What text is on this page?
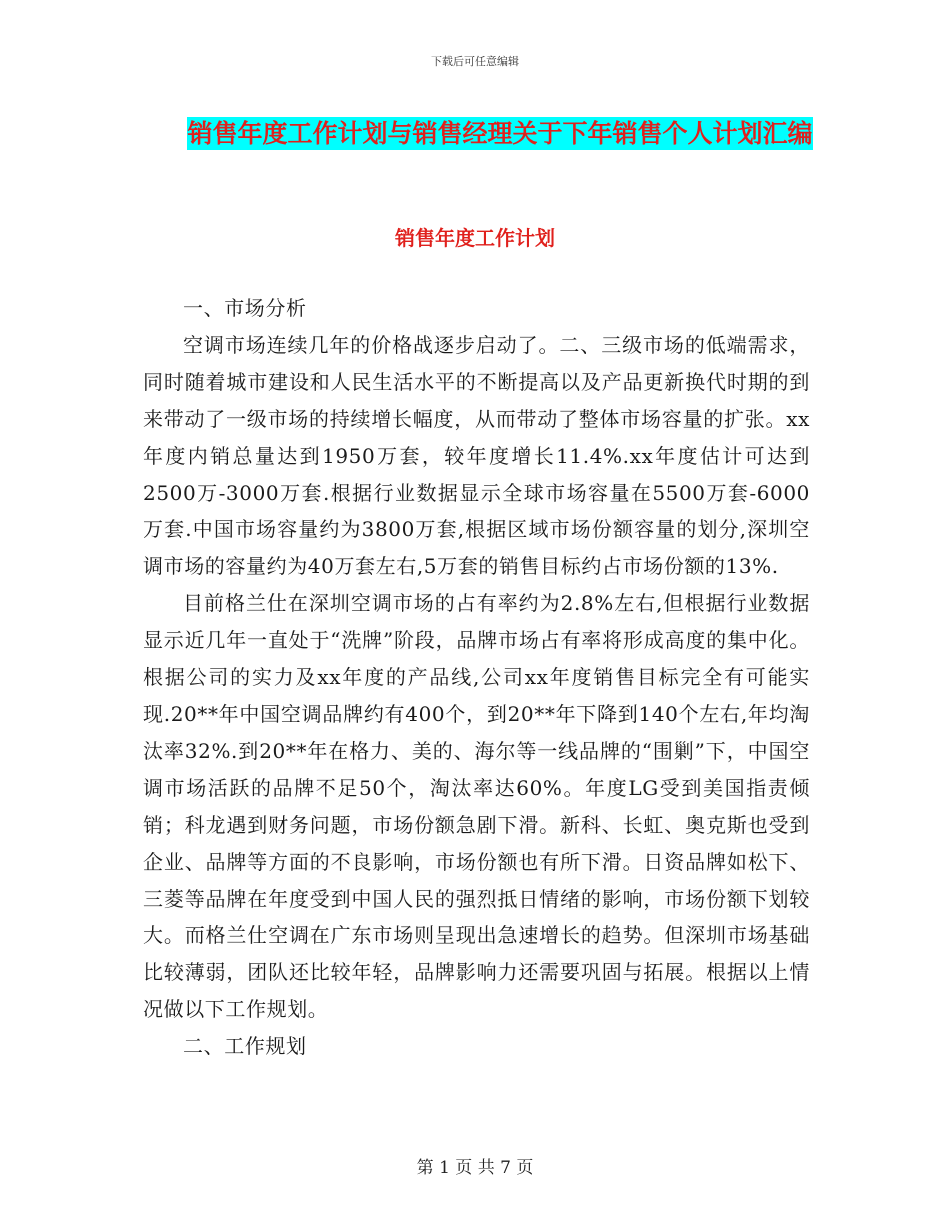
下载后可任意编辑
销售年度工作计划与销售经理关于下年销售个人计划汇编
销售年度工作计划

一、市场分析

空调市场连续几年的价格战逐步启动了。二、三级市场的低端需求，同时随着城市建设和人民生活水平的不断提高以及产品更新换代时期的到来带动了一级市场的持续增长幅度，从而带动了整体市场容量的扩张。xx年度内销总量达到1950万套，较年度增长11.4%.xx年度估计可达到2500万-3000万套.根据行业数据显示全球市场容量在5500万套-6000万套.中国市场容量约为3800万套,根据区域市场份额容量的划分,深圳空调市场的容量约为40万套左右,5万套的销售目标约占市场份额的13%.

目前格兰仕在深圳空调市场的占有率约为2.8%左右,但根据行业数据显示近几年一直处于“洗牌”阶段，品牌市场占有率将形成高度的集中化。根据公司的实力及xx年度的产品线,公司xx年度销售目标完全有可能实现.20**年中国空调品牌约有400个，到20**年下降到140个左右,年均淘汰率32%.到20**年在格力、美的、海尔等一线品牌的“围剿”下，中国空调市场活跃的品牌不足50个，淘汰率达60%。年度LG受到美国指责倾销；科龙遇到财务问题，市场份额急剧下滑。新科、长虹、奥克斯也受到企业、品牌等方面的不良影响，市场份额也有所下滑。日资品牌如松下、三菱等品牌在年度受到中国人民的强烈抵日情绪的影响，市场份额下划较大。而格兰仕空调在广东市场则呈现出急速增长的趋势。但深圳市场基础比较薄弱，团队还比较年轻，品牌影响力还需要巩固与拓展。根据以上情况做以下工作规划。

二、工作规划

第 1 页 共 7 页
